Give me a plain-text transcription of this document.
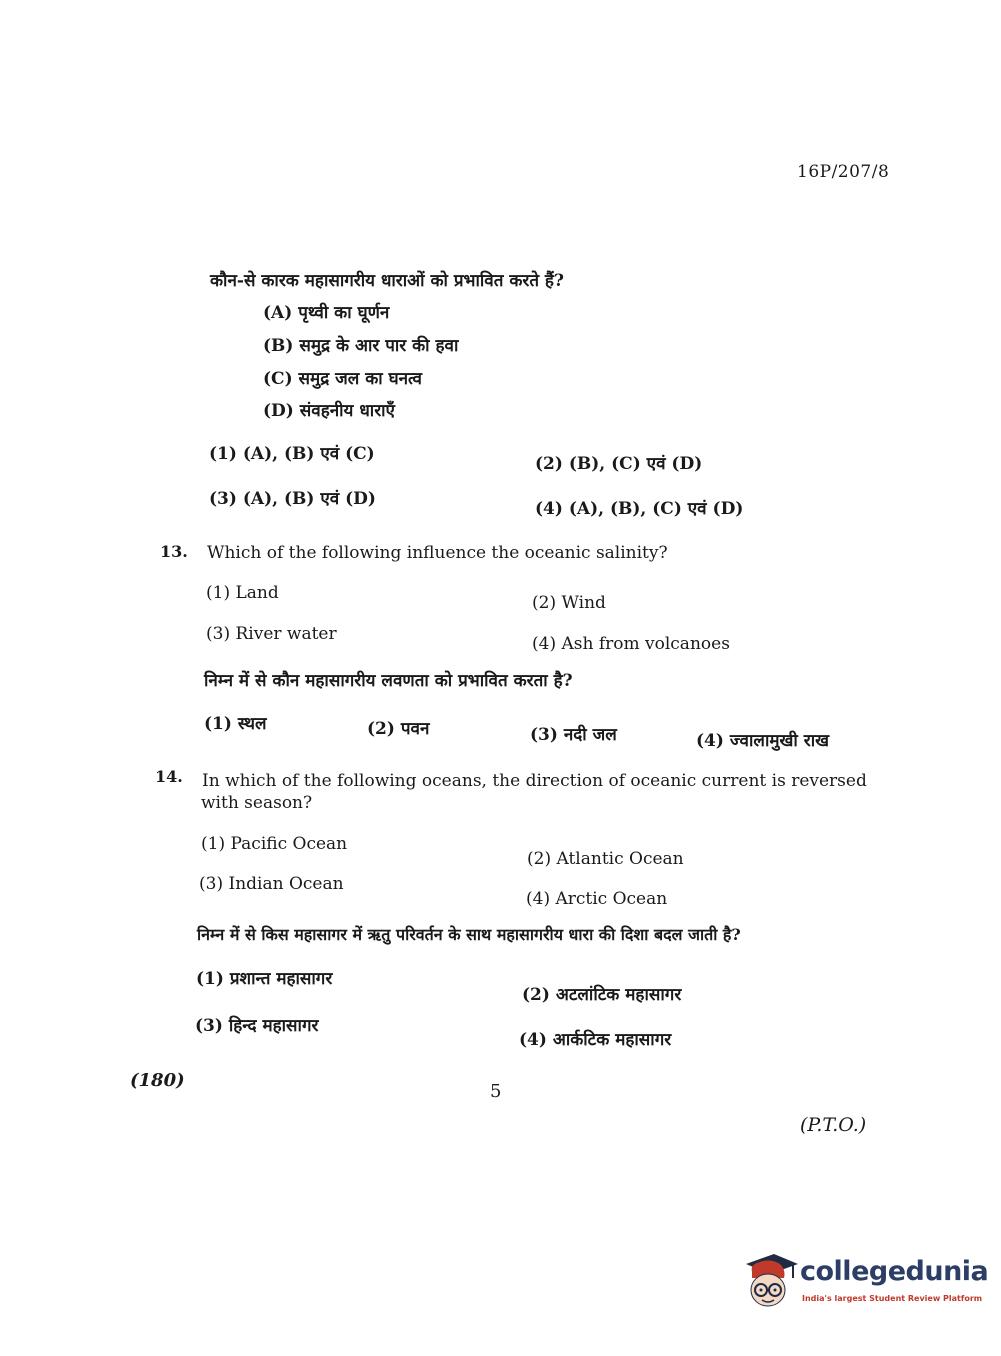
16P/207/8
कौन-से कारक महासागरीय धाराओं को प्रभावित करते हैं?
(A) पृथ्वी का घूर्णन
(B) समुद्र के आर पार की हवा
(C) समुद्र जल का घनत्व
(D) संवहनीय धाराएँ
(1) (A), (B) एवं (C)	(2) (B), (C) एवं (D)
(3) (A), (B) एवं (D)	(4) (A), (B), (C) एवं (D)
13. Which of the following influence the oceanic salinity?
(1) Land	(2) Wind
(3) River water	(4) Ash from volcanoes
निम्न में से कौन महासागरीय लवणता को प्रभावित करता है?
(1) स्थल	(2) पवन	(3) नदी जल	(4) ज्वालामुखी राख
14. In which of the following oceans, the direction of oceanic current is reversed
with season?
(1) Pacific Ocean
(2) Atlantic Ocean
(3) Indian Ocean
(4) Arctic Ocean
निम्न में से किस महासागर में ऋतु परिवर्तन के साथ महासागरीय धारा की दिशा बदल जाती है?
(1) प्रशान्त महासागर
(2) अटलांटिक महासागर
(3) हिन्द महासागर
(4) आर्कटिक महासागर
(180)
5
(P.T.O.)
collegedunia
India's largest Student Review Platform
